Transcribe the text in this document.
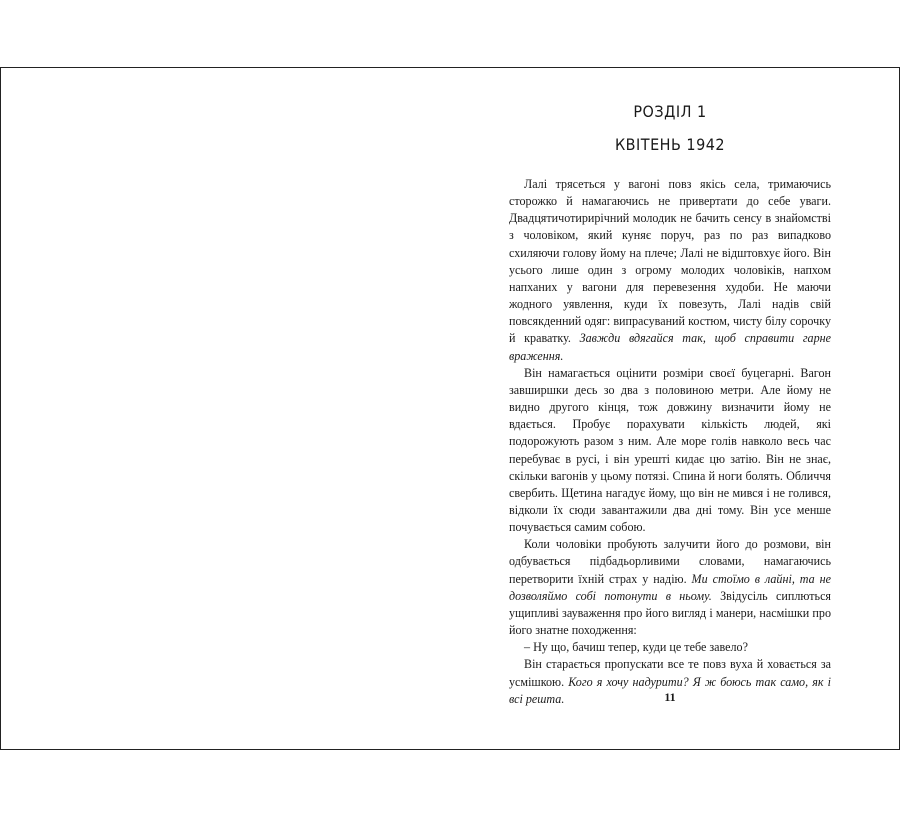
РОЗДІЛ 1
КВІТЕНЬ 1942

Лалі трясеться у вагоні повз якісь села, тримаючись сторожко й намагаючись не привертати до себе уваги. Двадцятичотирирічний молодик не бачить сенсу в знайомстві з чоловіком, який куняє поруч, раз по раз випадково схиляючи голову йому на плече; Лалі не відштовхує його. Він усього лише один з огрому молодих чоловіків, напхом напханих у вагони для перевезення худоби. Не маючи жодного уявлення, куди їх повезуть, Лалі надів свій повсякденний одяг: випрасуваний костюм, чисту білу сорочку й краватку. Завжди вдягайся так, щоб справити гарне враження.

Він намагається оцінити розміри своєї буцегарні. Вагон завширшки десь зо два з половиною метри. Але йому не видно другого кінця, тож довжину визначити йому не вдається. Пробує порахувати кількість людей, які подорожують разом з ним. Але море голів навколо весь час перебуває в русі, і він урешті кидає цю затію. Він не знає, скільки вагонів у цьому потязі. Спина й ноги болять. Обличчя свербить. Щетина нагадує йому, що він не мився і не голився, відколи їх сюди завантажили два дні тому. Він усе менше почувається самим собою.

Коли чоловіки пробують залучити його до розмови, він одбувається підбадьорливими словами, намагаючись перетворити їхній страх у надію. Ми стоїмо в лайні, та не дозволяймо собі потонути в ньому. Звідусіль сиплються ущипливі зауваження про його вигляд і манери, насмішки про його знатне походження:

– Ну що, бачиш тепер, куди це тебе завело?

Він старається пропускати все те повз вуха й ховається за усмішкою. Кого я хочу надурити? Я ж боюсь так само, як і всі решта.	11
